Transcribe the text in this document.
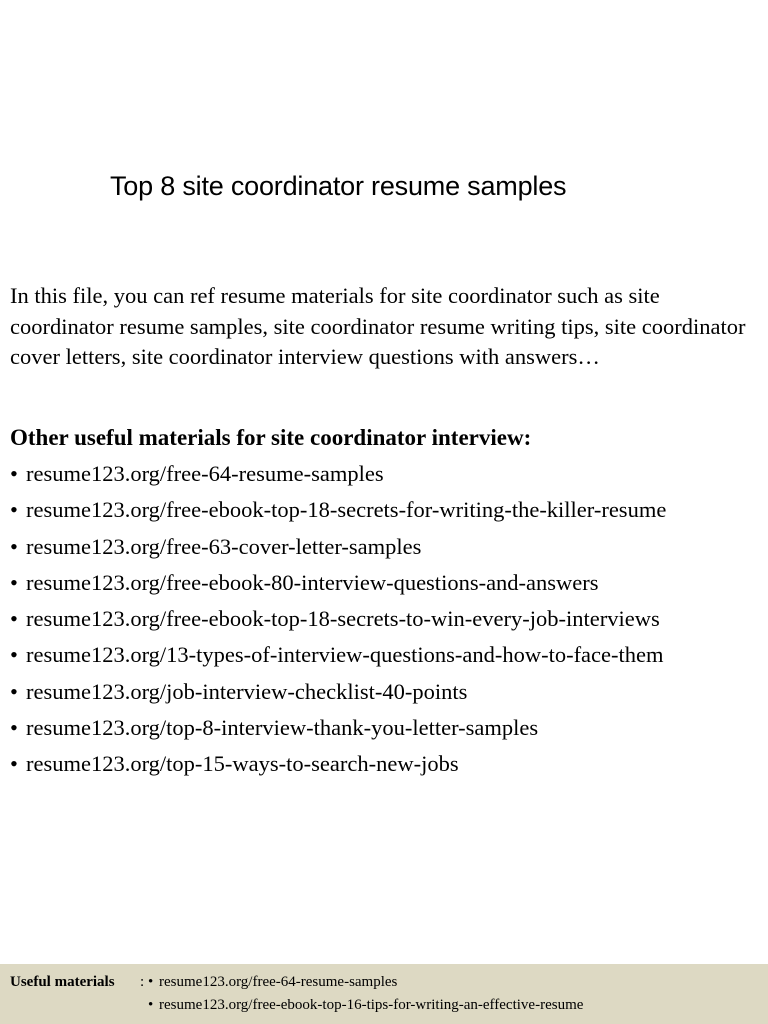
Top 8 site coordinator resume samples

In this file, you can ref resume materials for site coordinator such as site coordinator resume samples, site coordinator resume writing tips, site coordinator cover letters, site coordinator interview questions with answers…

Other useful materials for site coordinator interview:
• resume123.org/free-64-resume-samples
• resume123.org/free-ebook-top-18-secrets-for-writing-the-killer-resume
• resume123.org/free-63-cover-letter-samples
• resume123.org/free-ebook-80-interview-questions-and-answers
• resume123.org/free-ebook-top-18-secrets-to-win-every-job-interviews
• resume123.org/13-types-of-interview-questions-and-how-to-face-them
• resume123.org/job-interview-checklist-40-points
• resume123.org/top-8-interview-thank-you-letter-samples
• resume123.org/top-15-ways-to-search-new-jobs
Useful materials : • resume123.org/free-64-resume-samples
• resume123.org/free-ebook-top-16-tips-for-writing-an-effective-resume
